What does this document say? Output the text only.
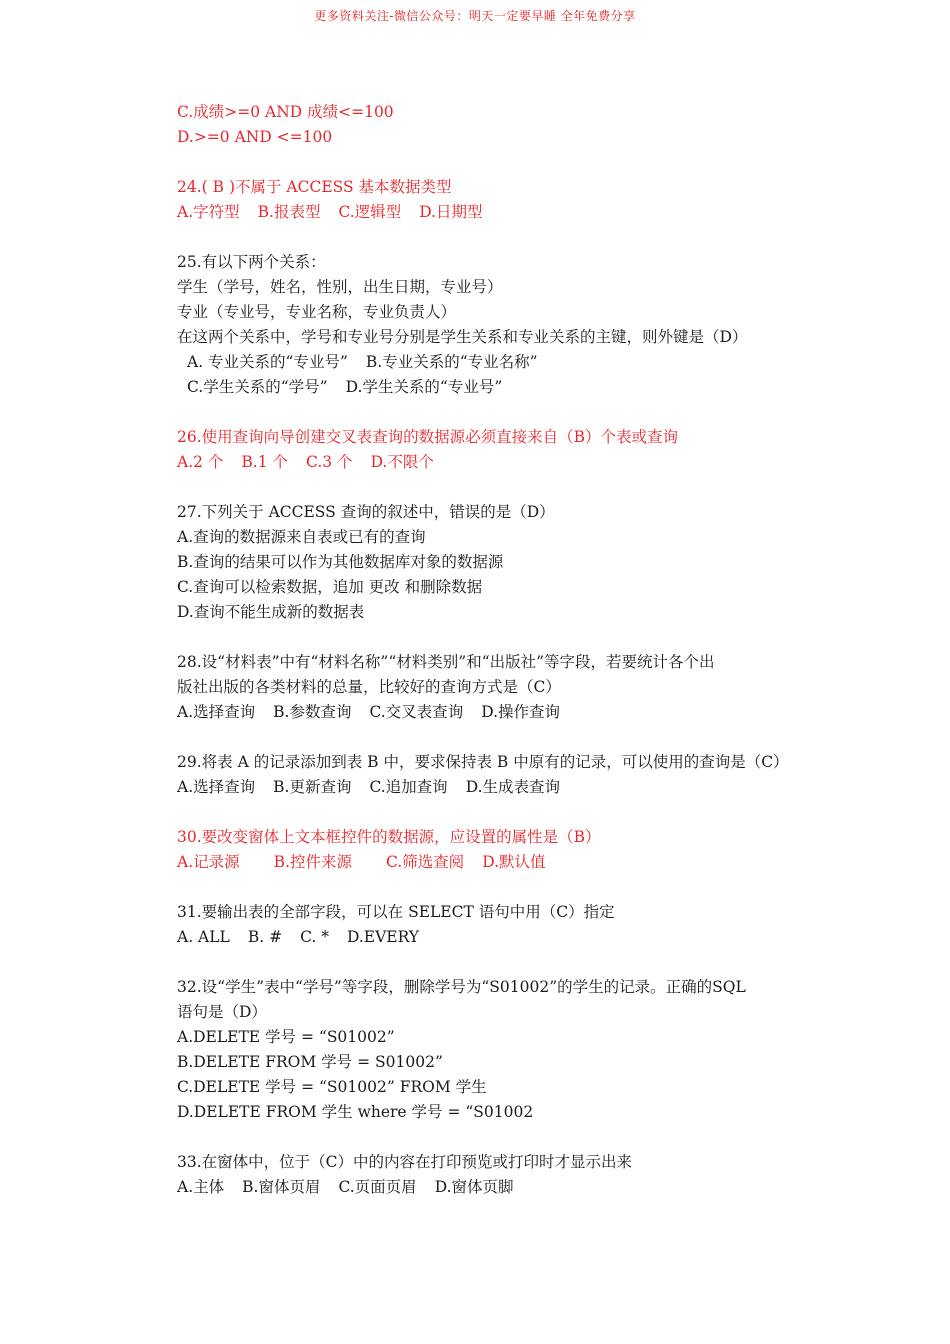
更多资料关注-微信公众号：明天一定要早睡 全年免费分享
C.成绩>=0 AND 成绩<=100
D.>=0 AND <=100
24.( B )不属于 ACCESS 基本数据类型
A.字符型 B.报表型 C.逻辑型 D.日期型
25.有以下两个关系：
学生（学号，姓名，性别，出生日期，专业号）
专业（专业号，专业名称，专业负责人）
在这两个关系中，学号和专业号分别是学生关系和专业关系的主键，则外键是（D）
A. 专业关系的“专业号” B.专业关系的“专业名称”
C.学生关系的“学号” D.学生关系的“专业号”
26.使用查询向导创建交叉表查询的数据源必须直接来自（B）个表或查询
A.2 个 B.1 个 C.3 个 D.不限个
27.下列关于 ACCESS 查询的叙述中，错误的是（D）
A.查询的数据源来自表或已有的查询
B.查询的结果可以作为其他数据库对象的数据源
C.查询可以检索数据，追加 更改 和删除数据
D.查询不能生成新的数据表
28.设“材料表”中有“材料名称”“材料类别”和“出版社”等字段，若要统计各个出
版社出版的各类材料的总量，比较好的查询方式是（C）
A.选择查询 B.参数查询 C.交叉表查询 D.操作查询
29.将表 A 的记录添加到表 B 中，要求保持表 B 中原有的记录，可以使用的查询是（C）
A.选择查询 B.更新查询 C.追加查询 D.生成表查询
30.要改变窗体上文本框控件的数据源，应设置的属性是（B）
A.记录源 B.控件来源 C.筛选查阅 D.默认值
31.要输出表的全部字段，可以在 SELECT 语句中用（C）指定
A. ALL B. # C. * D.EVERY
32.设“学生”表中“学号”等字段，删除学号为“S01002”的学生的记录。正确的SQL
语句是（D）
A.DELETE 学号 = “S01002”
B.DELETE FROM 学号 = S01002”
C.DELETE 学号 = “S01002” FROM 学生
D.DELETE FROM 学生 where 学号 = “S01002
33.在窗体中，位于（C）中的内容在打印预览或打印时才显示出来
A.主体 B.窗体页眉 C.页面页眉 D.窗体页脚
